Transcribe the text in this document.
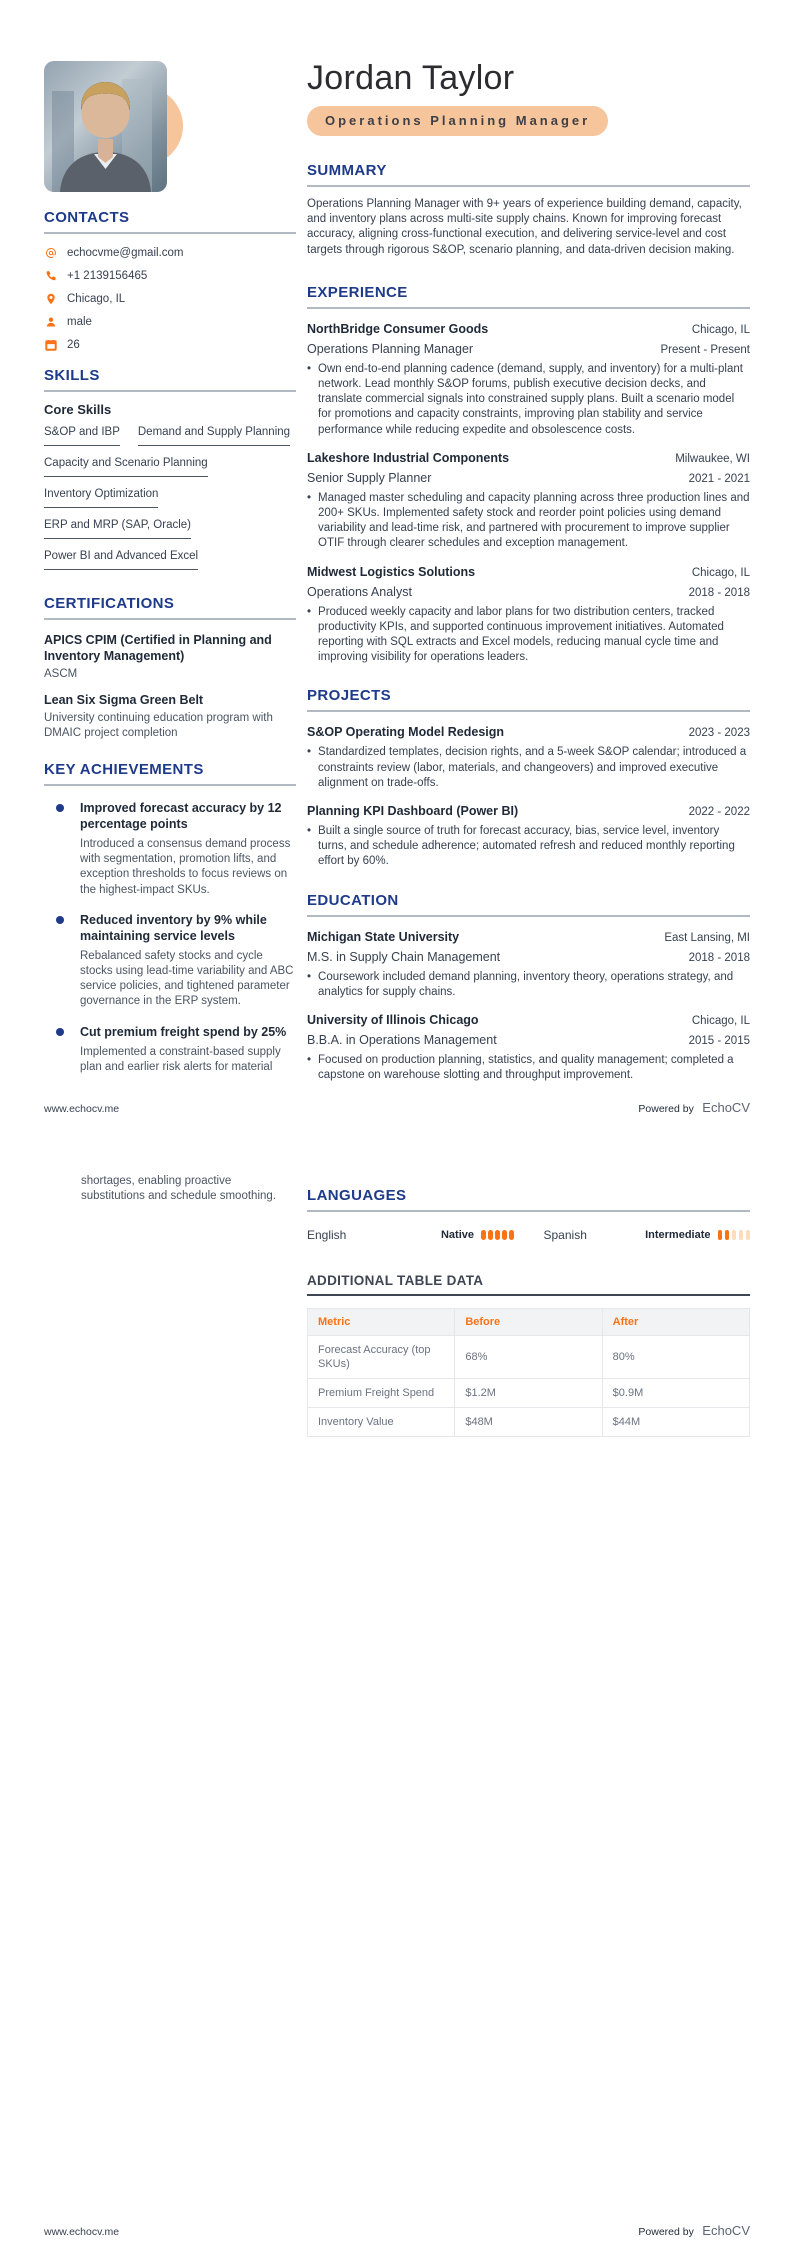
CONTACTS
echocvme@gmail.com
+1 2139156465
Chicago, IL
male
26
SKILLS
Core Skills
S&OP and IBP Demand and Supply Planning
Capacity and Scenario Planning
Inventory Optimization
ERP and MRP (SAP, Oracle)
Power BI and Advanced Excel
CERTIFICATIONS
APICS CPIM (Certified in Planning and Inventory Management)
ASCM
Lean Six Sigma Green Belt
University continuing education program with DMAIC project completion
KEY ACHIEVEMENTS
Improved forecast accuracy by 12 percentage points

Introduced a consensus demand process with segmentation, promotion lifts, and exception thresholds to focus reviews on the highest-impact SKUs.

Reduced inventory by 9% while maintaining service levels

Rebalanced safety stocks and cycle stocks using lead-time variability and ABC service policies, and tightened parameter governance in the ERP system.

Cut premium freight spend by 25%

Implemented a constraint-based supply plan and earlier risk alerts for material

Jordan Taylor
Operations Planning Manager
SUMMARY

Operations Planning Manager with 9+ years of experience building demand, capacity, and inventory plans across multi-site supply chains. Known for improving forecast accuracy, aligning cross-functional execution, and delivering service-level and cost targets through rigorous S&OP, scenario planning, and data-driven decision making.

EXPERIENCE
NorthBridge Consumer Goods	Chicago, IL
Operations Planning Manager	Present - Present

• Own end-to-end planning cadence (demand, supply, and inventory) for a multi-plant network. Lead monthly S&OP forums, publish executive decision decks, and translate commercial signals into constrained supply plans. Built a scenario model for promotions and capacity constraints, improving plan stability and service performance while reducing expedite and obsolescence costs.

Lakeshore Industrial Components	Milwaukee, WI
Senior Supply Planner	2021 - 2021

• Managed master scheduling and capacity planning across three production lines and 200+ SKUs. Implemented safety stock and reorder point policies using demand variability and lead-time risk, and partnered with procurement to improve supplier OTIF through clearer schedules and exception management.

Midwest Logistics Solutions	Chicago, IL
Operations Analyst	2018 - 2018

• Produced weekly capacity and labor plans for two distribution centers, tracked productivity KPIs, and supported continuous improvement initiatives. Automated reporting with SQL extracts and Excel models, reducing manual cycle time and improving visibility for operations leaders.

PROJECTS
S&OP Operating Model Redesign	2023 - 2023

• Standardized templates, decision rights, and a 5-week S&OP calendar; introduced a constraints review (labor, materials, and changeovers) and improved executive alignment on trade-offs.

Planning KPI Dashboard (Power BI)	2022 - 2022

• Built a single source of truth for forecast accuracy, bias, service level, inventory turns, and schedule adherence; automated refresh and reduced monthly reporting effort by 60%.

EDUCATION
Michigan State University	East Lansing, MI
M.S. in Supply Chain Management	2018 - 2018

• Coursework included demand planning, inventory theory, operations strategy, and analytics for supply chains.

University of Illinois Chicago	Chicago, IL
B.B.A. in Operations Management	2015 - 2015

• Focused on production planning, statistics, and quality management; completed a capstone on warehouse slotting and throughput improvement.

www.echocv.me	Powered by EchoCV

shortages, enabling proactive substitutions and schedule smoothing.	LANGUAGES
English	Native	Spanish	Intermediate
ADDITIONAL TABLE DATA
Metric	Before	After
Forecast Accuracy (top SKUs)	68%	80%
Premium Freight Spend	$1.2M	$0.9M
Inventory Value	$48M	$44M
www.echocv.me	Powered by EchoCV
